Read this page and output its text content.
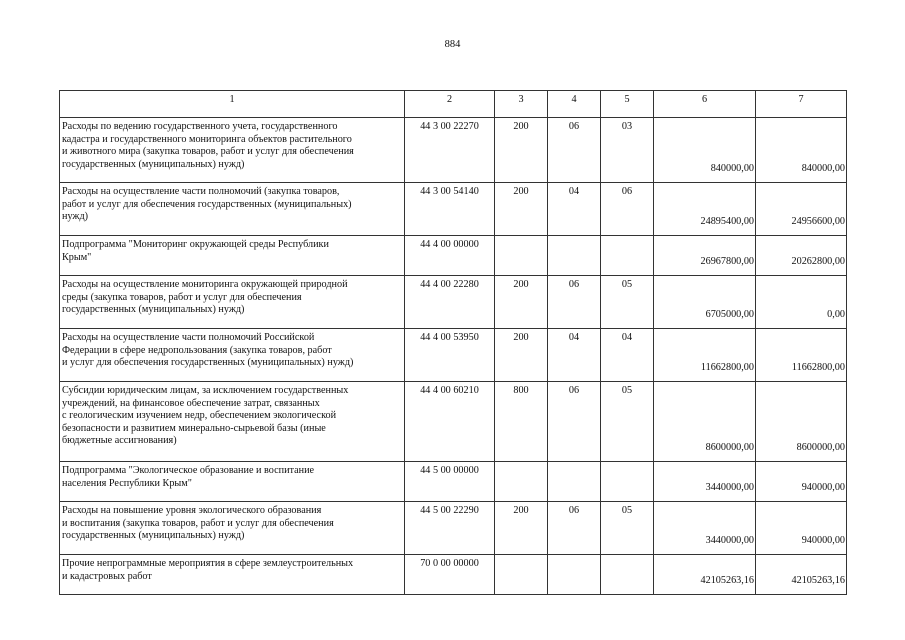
884
1	2	3	4	5	6	7

Расходы по ведению государственного учета, государственного
кадастра и государственного мониторинга объектов растительного
и животного мира (закупка товаров, работ и услуг для обеспечения
государственных (муниципальных) нужд)	44 3 00 22270	200	06	03	840000,00	840000,00

Расходы на осуществление части полномочий (закупка товаров,
работ и услуг для обеспечения государственных (муниципальных)
нужд)	44 3 00 54140	200	04	06	24895400,00	24956600,00

Подпрограмма "Мониторинг окружающей среды Республики
Крым"	44 4 00 00000				26967800,00	20262800,00

Расходы на осуществление мониторинга окружающей природной
среды (закупка товаров, работ и услуг для обеспечения
государственных (муниципальных) нужд)	44 4 00 22280	200	06	05	6705000,00	0,00

Расходы на осуществление части полномочий Российской
Федерации в сфере недропользования (закупка товаров, работ
и услуг для обеспечения государственных (муниципальных) нужд)	44 4 00 53950	200	04	04	11662800,00	11662800,00

Субсидии юридическим лицам, за исключением государственных
учреждений, на финансовое обеспечение затрат, связанных
с геологическим изучением недр, обеспечением экологической
безопасности и развитием минерально-сырьевой базы (иные
бюджетные ассигнования)	44 4 00 60210	800	06	05	8600000,00	8600000,00

Подпрограмма "Экологическое образование и воспитание
населения Республики Крым"	44 5 00 00000				3440000,00	940000,00

Расходы на повышение уровня экологического образования
и воспитания (закупка товаров, работ и услуг для обеспечения
государственных (муниципальных) нужд)	44 5 00 22290	200	06	05	3440000,00	940000,00

Прочие непрограммные мероприятия в сфере землеустроительных
и кадастровых работ	70 0 00 00000				42105263,16	42105263,16
